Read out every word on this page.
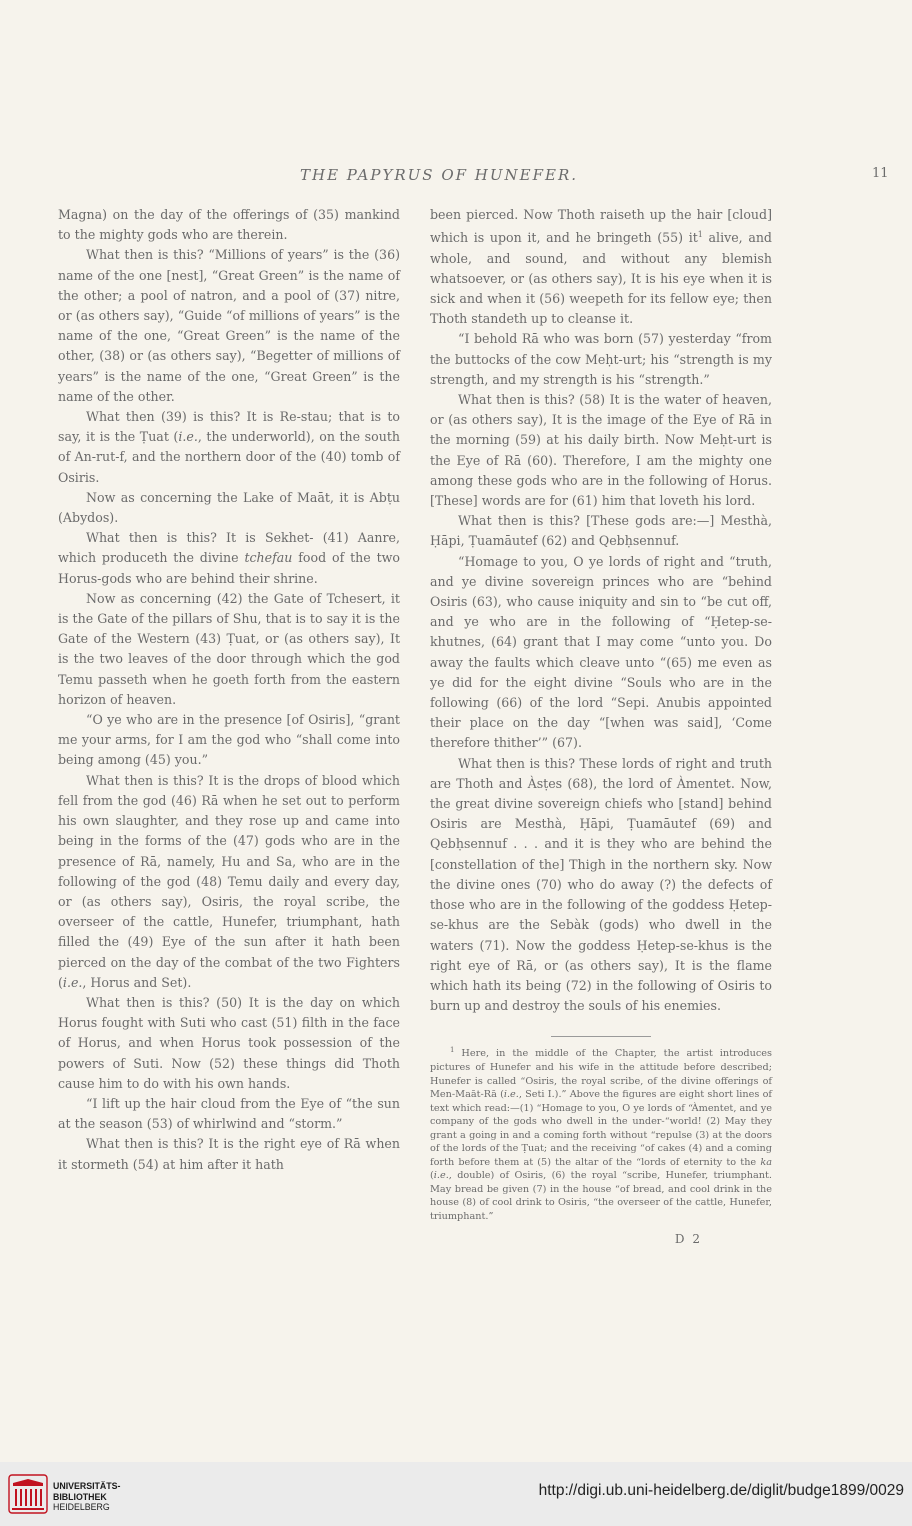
THE PAPYRUS OF HUNEFER.	11

Magna) on the day of the offerings of (35) mankind to the mighty gods who are therein.

What then is this? “Millions of years” is the (36) name of the one [nest], “Great Green” is the name of the other; a pool of natron, and a pool of (37) nitre, or (as others say), “Guide “of millions of years” is the name of the one, “Great Green” is the name of the other, (38) or (as others say), “Begetter of millions of years” is the name of the one, “Great Green” is the name of the other.

What then (39) is this? It is Re-stau; that is to say, it is the Ṭuat (i.e., the underworld), on the south of An-rut-f, and the northern door of the (40) tomb of Osiris.

Now as concerning the Lake of Maāt, it is Abṭu (Abydos).

What then is this? It is Sekhet- (41) Aanre, which produceth the divine tchefau food of the two Horus-gods who are behind their shrine.

Now as concerning (42) the Gate of Tchesert, it is the Gate of the pillars of Shu, that is to say it is the Gate of the Western (43) Ṭuat, or (as others say), It is the two leaves of the door through which the god Temu passeth when he goeth forth from the eastern horizon of heaven.

“O ye who are in the presence [of Osiris], “grant me your arms, for I am the god who “shall come into being among (45) you.”

What then is this? It is the drops of blood which fell from the god (46) Rā when he set out to perform his own slaughter, and they rose up and came into being in the forms of the (47) gods who are in the presence of Rā, namely, Hu and Sa, who are in the following of the god (48) Temu daily and every day, or (as others say), Osiris, the royal scribe, the overseer of the cattle, Hunefer, triumphant, hath filled the (49) Eye of the sun after it hath been pierced on the day of the combat of the two Fighters (i.e., Horus and Set).

What then is this? (50) It is the day on which Horus fought with Suti who cast (51) filth in the face of Horus, and when Horus took possession of the powers of Suti. Now (52) these things did Thoth cause him to do with his own hands.

“I lift up the hair cloud from the Eye of “the sun at the season (53) of whirlwind and “storm.”

What then is this? It is the right eye of Rā when it stormeth (54) at him after it hath

been pierced. Now Thoth raiseth up the hair [cloud] which is upon it, and he bringeth (55) $it^1$ alive, and whole, and sound, and without any blemish whatsoever, or (as others say), It is his eye when it is sick and when it (56) weepeth for its fellow eye; then Thoth standeth up to cleanse it.

“I behold Rā who was born (57) yesterday “from the buttocks of the cow Meḥt-urt; his “strength is my strength, and my strength is his “strength.”

What then is this? (58) It is the water of heaven, or (as others say), It is the image of the Eye of Rā in the morning (59) at his daily birth. Now Meḥt-urt is the Eye of Rā (60). Therefore, I am the mighty one among these gods who are in the following of Horus. [These] words are for (61) him that loveth his lord.

What then is this? [These gods are:—] Mesthà, Ḥāpi, Ṭuamāutef (62) and Qebḥsennuf.

“Homage to you, O ye lords of right and “truth, and ye divine sovereign princes who are “behind Osiris (63), who cause iniquity and sin to “be cut off, and ye who are in the following of “Ḥetep-se-khutnes, (64) grant that I may come “unto you. Do away the faults which cleave unto “(65) me even as ye did for the eight divine “Souls who are in the following (66) of the lord “Sepi. Anubis appointed their place on the day “[when was said], ‘Come therefore thither’” (67).

What then is this? These lords of right and truth are Thoth and Àsṭes (68), the lord of Àmentet. Now, the great divine sovereign chiefs who [stand] behind Osiris are Mesthà, Ḥāpi, Ṭuamāutef (69) and Qebḥsennuf . . . and it is they who are behind the [constellation of the] Thigh in the northern sky. Now the divine ones (70) who do away (?) the defects of those who are in the following of the goddess Ḥetep-se-khus are the Sebàk (gods) who dwell in the waters (71). Now the goddess Ḥetep-se-khus is the right eye of Rā, or (as others say), It is the flame which hath its being (72) in the following of Osiris to burn up and destroy the souls of his enemies.

$^1$ Here, in the middle of the Chapter, the artist introduces pictures of Hunefer and his wife in the attitude before described; Hunefer is called “Osiris, the royal scribe, of the divine offerings of Men-Maāt-Rā (i.e., Seti I.).” Above the figures are eight short lines of text which read:—(1) “Homage to you, O ye lords of “Àmentet, and ye company of the gods who dwell in the under-“world! (2) May they grant a going in and a coming forth without “repulse (3) at the doors of the lords of the Ṭuat; and the receiving “of cakes (4) and a coming forth before them at (5) the altar of the “lords of eternity to the ka (i.e., double) of Osiris, (6) the royal “scribe, Hunefer, triumphant. May bread be given (7) in the house “of bread, and cool drink in the house (8) of cool drink to Osiris, “the overseer of the cattle, Hunefer, triumphant.”

D 2
UNIVERSITÄTS-
BIBLIOTHEK
HEIDELBERG
http://digi.ub.uni-heidelberg.de/diglit/budge1899/0029
